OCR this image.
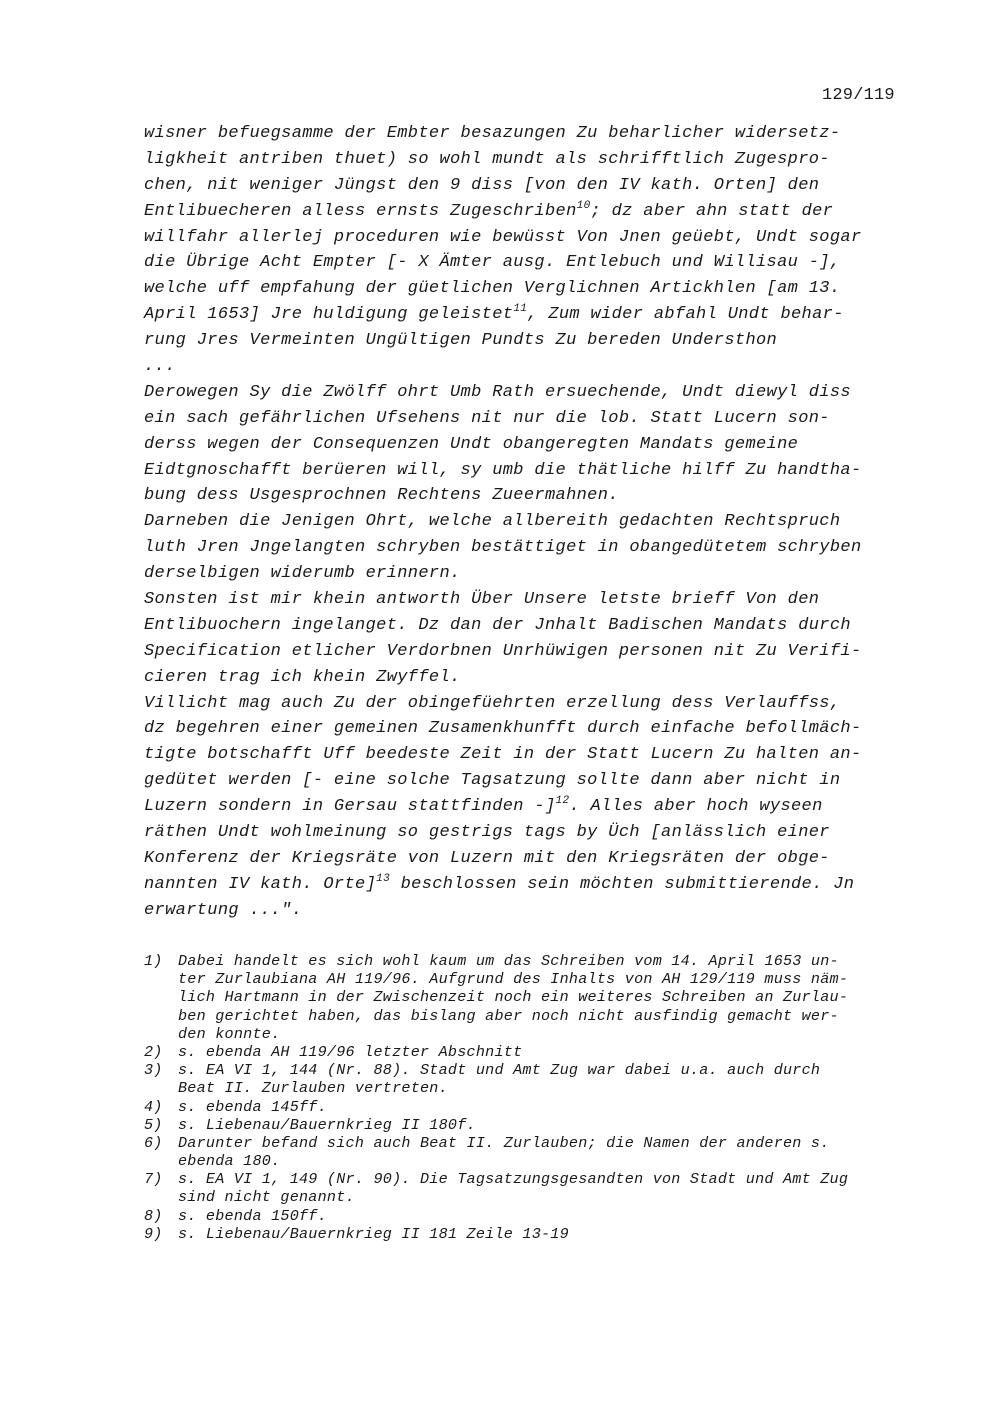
129/119
wisner befuegsamme der Embter besazungen Zu beharlicher widersetz-
ligkheit antriben thuet) so wohl mundt als schrifftlich Zugespro-
chen, nit weniger Jüngst den 9 diss [von den IV kath. Orten] den
Entlibuecheren alless ernsts Zugeschriben$^{10}$; dz aber ahn statt der
willfahr allerlej proceduren wie bewüsst Von Jnen geüebt, Undt sogar
die Übrige Acht Empter [- X Ämter ausg. Entlebuch und Willisau -],
welche uff empfahung der güetlichen Verglichnen Artickhlen [am 13.
April 1653] Jre huldigung geleistet$^{11}$, Zum wider abfahl Undt behar-
rung Jres Vermeinten Ungültigen Pundts Zu bereden Understhon
...
Derowegen Sy die Zwölff ohrt Umb Rath ersuechende, Undt diewyl diss
ein sach gefährlichen Ufsehens nit nur die lob. Statt Lucern son-
derss wegen der Consequenzen Undt obangeregten Mandats gemeine
Eidtgnoschafft berüeren will, sy umb die thätliche hilff Zu handtha-
bung dess Usgesprochnen Rechtens Zueermahnen.
Darneben die Jenigen Ohrt, welche allbereith gedachten Rechtspruch
luth Jren Jngelangten schryben bestättiget in obangedütetem schryben
derselbigen widerumb erinnern.
Sonsten ist mir khein antworth Über Unsere letste brieff Von den
Entlibuochern ingelanget. Dz dan der Jnhalt Badischen Mandats durch
Specification etlicher Verdorbnen Unrhüwigen personen nit Zu Verifi-
cieren trag ich khein Zwyffel.
Villicht mag auch Zu der obingefüehrten erzellung dess Verlauffss,
dz begehren einer gemeinen Zusamenkhunfft durch einfache befollmäch-
tigte botschafft Uff beedeste Zeit in der Statt Lucern Zu halten an-
gedütet werden [- eine solche Tagsatzung sollte dann aber nicht in
Luzern sondern in Gersau stattfinden -]$^{12}$. Alles aber hoch wyseen
räthen Undt wohlmeinung so gestrigs tags by Üch [anlässlich einer
Konferenz der Kriegsräte von Luzern mit den Kriegsräten der obge-
nannten IV kath. Orte]$^{13}$ beschlossen sein möchten submittierende. Jn
erwartung ...".
1) Dabei handelt es sich wohl kaum um das Schreiben vom 14. April 1653 un-
ter Zurlaubiana AH 119/96. Aufgrund des Inhalts von AH 129/119 muss näm-
lich Hartmann in der Zwischenzeit noch ein weiteres Schreiben an Zurlau-
ben gerichtet haben, das bislang aber noch nicht ausfindig gemacht wer-
den konnte.
2) s. ebenda AH 119/96 letzter Abschnitt
3) s. EA VI 1, 144 (Nr. 88). Stadt und Amt Zug war dabei u.a. auch durch
Beat II. Zurlauben vertreten.
4) s. ebenda 145ff.
5) s. Liebenau/Bauernkrieg II 180f.
6) Darunter befand sich auch Beat II. Zurlauben; die Namen der anderen s.
ebenda 180.
7) s. EA VI 1, 149 (Nr. 90). Die Tagsatzungsgesandten von Stadt und Amt Zug
sind nicht genannt.
8) s. ebenda 150ff.
9) s. Liebenau/Bauernkrieg II 181 Zeile 13-19
